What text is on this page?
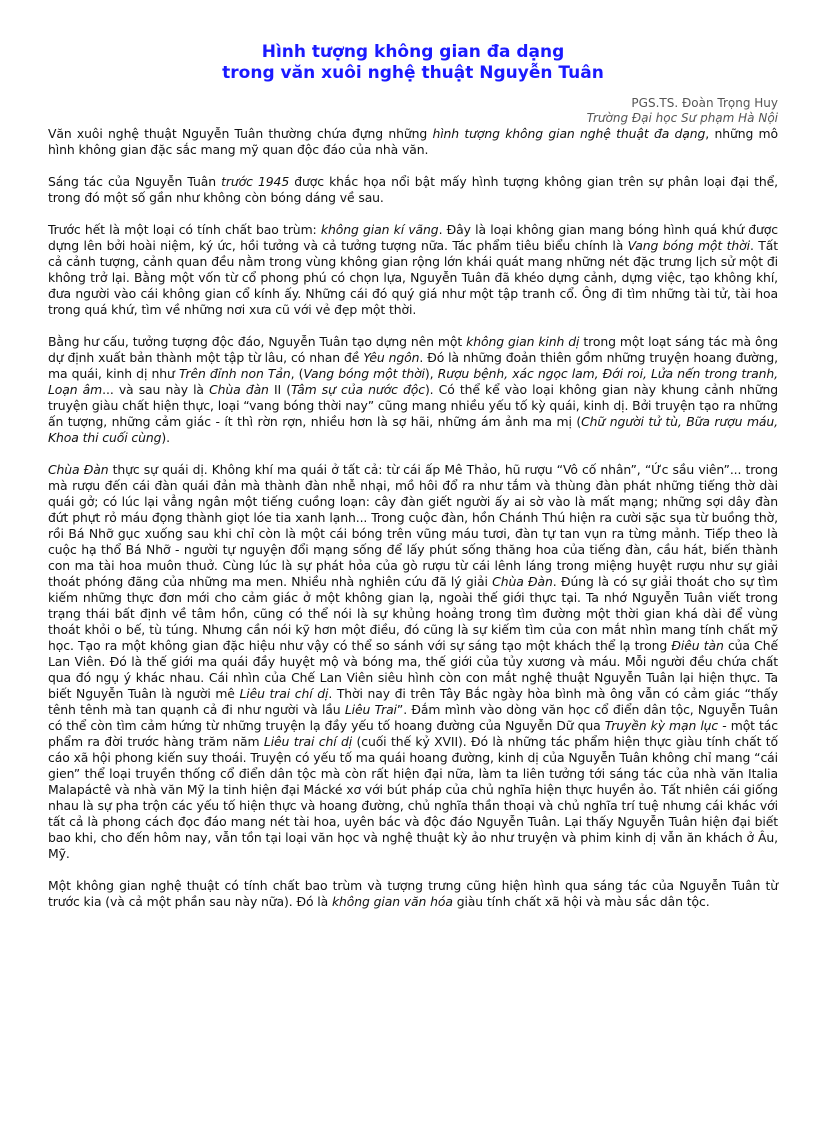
Hình tượng không gian đa dạng
trong văn xuôi nghệ thuật Nguyễn Tuân
PGS.TS. Đoàn Trọng Huy
Trường Đại học Sư phạm Hà Nội

Văn xuôi nghệ thuật Nguyễn Tuân thường chứa đựng những hình tượng không gian nghệ thuật đa dạng, những mô hình không gian đặc sắc mang mỹ quan độc đáo của nhà văn.

Sáng tác của Nguyễn Tuân trước 1945 được khắc họa nổi bật mấy hình tượng không gian trên sự phân loại đại thể, trong đó một số gần như không còn bóng dáng về sau.

Trước hết là một loại có tính chất bao trùm: không gian kí vãng. Đây là loại không gian mang bóng hình quá khứ được dựng lên bởi hoài niệm, ký ức, hồi tưởng và cả tưởng tượng nữa. Tác phẩm tiêu biểu chính là Vang bóng một thời. Tất cả cảnh tượng, cảnh quan đều nằm trong vùng không gian rộng lớn khái quát mang những nét đặc trưng lịch sử một đi không trở lại. Bằng một vốn từ cổ phong phú có chọn lựa, Nguyễn Tuân đã khéo dựng cảnh, dựng việc, tạo không khí, đưa người vào cái không gian cổ kính ấy. Những cái đó quý giá như một tập tranh cổ. Ông đi tìm những tài tử, tài hoa trong quá khứ, tìm về những nơi xưa cũ với vẻ đẹp một thời.

Bằng hư cấu, tưởng tượng độc đáo, Nguyễn Tuân tạo dựng nên một không gian kinh dị trong một loạt sáng tác mà ông dự định xuất bản thành một tập từ lâu, có nhan đề Yêu ngôn. Đó là những đoản thiên gồm những truyện hoang đường, ma quái, kinh dị như Trên đỉnh non Tản, (Vang bóng một thời), Rượu bệnh, xác ngọc lam, Đới roi, Lửa nến trong tranh, Loạn âm... và sau này là Chùa đàn II (Tâm sự của nước độc). Có thể kể vào loại không gian này khung cảnh những truyện giàu chất hiện thực, loại “vang bóng thời nay” cũng mang nhiều yếu tố kỳ quái, kinh dị. Bởi truyện tạo ra những ấn tượng, những cảm giác - ít thì rờn rợn, nhiều hơn là sợ hãi, những ám ảnh ma mị (Chữ người tử tù, Bữa rượu máu, Khoa thi cuối cùng).

Chùa Đàn thực sự quái dị. Không khí ma quái ở tất cả: từ cái ấp Mê Thảo, hũ rượu “Vô cố nhân”, “Ức sầu viên”... trong mà rượu đến cái đàn quái đản mà thành đàn nhễ nhại, mồ hôi đổ ra như tắm và thùng đàn phát những tiếng thờ dài quái gở; có lúc lại vẳng ngân một tiếng cuồng loạn: cây đàn giết người ấy ai sờ vào là mất mạng; những sợi dây đàn đứt phựt rỏ máu đọng thành giọt lóe tia xanh lạnh... Trong cuộc đàn, hồn Chánh Thú hiện ra cười sặc sụa từ buồng thờ, rồi Bá Nhỡ gục xuống sau khi chỉ còn là một cái bóng trên vũng máu tươi, đàn tự tan vụn ra từng mảnh. Tiếp theo là cuộc hạ thổ Bá Nhỡ - người tự nguyện đổi mạng sống để lấy phút sống thăng hoa của tiếng đàn, cầu hát, biến thành con ma tài hoa muôn thuở. Cùng lúc là sự phát hỏa của gò rượu từ cái lênh láng trong miệng huyệt rượu như sự giải thoát phóng đãng của những ma men. Nhiều nhà nghiên cứu đã lý giải Chùa Đàn. Đúng là có sự giải thoát cho sự tìm kiếm những thực đơn mới cho cảm giác ở một không gian lạ, ngoài thế giới thực tại. Ta nhớ Nguyễn Tuân viết trong trạng thái bất định về tâm hồn, cũng có thể nói là sự khủng hoảng trong tìm đường một thời gian khá dài để vùng thoát khỏi o bế, tù túng. Nhưng cần nói kỹ hơn một điều, đó cũng là sự kiếm tìm của con mắt nhìn mang tính chất mỹ học. Tạo ra một không gian đặc hiệu như vậy có thể so sánh với sự sáng tạo một khách thể lạ trong Điêu tàn của Chế Lan Viên. Đó là thế giới ma quái đầy huyệt mộ và bóng ma, thế giới của tủy xương và máu. Mỗi người đều chứa chất qua đó ngụ ý khác nhau. Cái nhìn của Chế Lan Viên siêu hình còn con mắt nghệ thuật Nguyễn Tuân lại hiện thực. Ta biết Nguyễn Tuân là người mê Liêu trai chí dị. Thời nay đi trên Tây Bắc ngày hòa bình mà ông vẫn có cảm giác “thấy tênh tênh mà tan quạnh cả đi như người và lầu Liêu Trai”. Đắm mình vào dòng văn học cổ điển dân tộc, Nguyễn Tuân có thể còn tìm cảm hứng từ những truyện lạ đầy yếu tố hoang đường của Nguyễn Dữ qua Truyền kỳ mạn lục - một tác phẩm ra đời trước hàng trăm năm Liêu trai chí dị (cuối thế kỷ XVII). Đó là những tác phẩm hiện thực giàu tính chất tố cáo xã hội phong kiến suy thoái. Truyện có yếu tố ma quái hoang đường, kinh dị của Nguyễn Tuân không chỉ mang “cái gien” thể loại truyền thống cổ điển dân tộc mà còn rất hiện đại nữa, làm ta liên tưởng tới sáng tác của nhà văn Italia Malapáctê và nhà văn Mỹ la tinh hiện đại Mácké xơ với bút pháp của chủ nghĩa hiện thực huyền ảo. Tất nhiên cái giống nhau là sự pha trộn các yếu tố hiện thực và hoang đường, chủ nghĩa thần thoại và chủ nghĩa trí tuệ nhưng cái khác với tất cả là phong cách đọc đáo mang nét tài hoa, uyên bác và độc đáo Nguyễn Tuân. Lại thấy Nguyễn Tuân hiện đại biết bao khi, cho đến hôm nay, vẫn tồn tại loại văn học và nghệ thuật kỳ ảo như truyện và phim kinh dị vẫn ăn khách ở Âu, Mỹ.

Một không gian nghệ thuật có tính chất bao trùm và tượng trưng cũng hiện hình qua sáng tác của Nguyễn Tuân từ trước kia (và cả một phần sau này nữa). Đó là không gian văn hóa giàu tính chất xã hội và màu sắc dân tộc.
